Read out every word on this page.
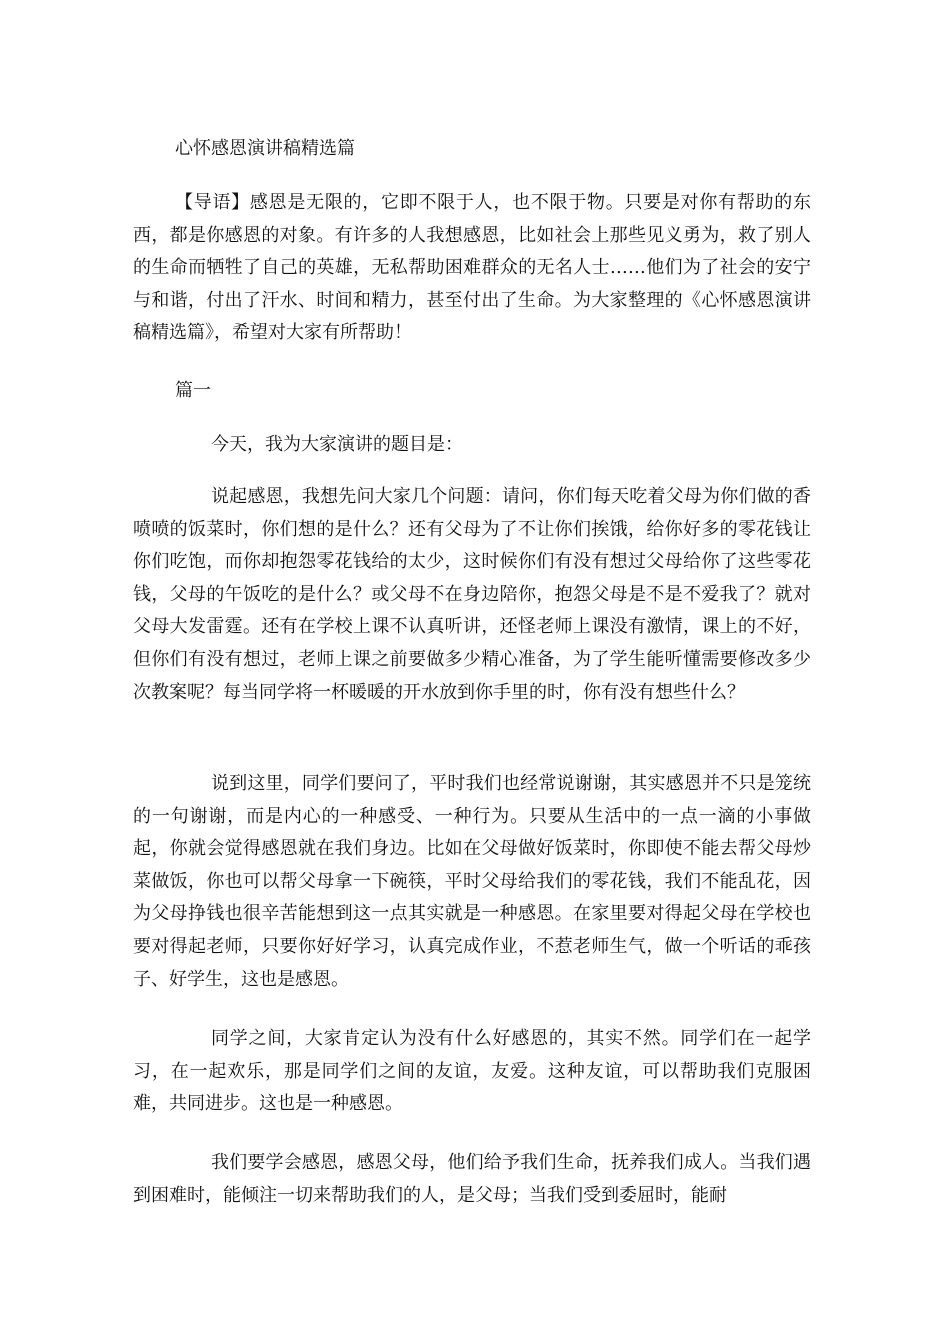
心怀感恩演讲稿精选篇

【导语】感恩是无限的，它即不限于人，也不限于物。只要是对你有帮助的东西，都是你感恩的对象。有许多的人我想感恩，比如社会上那些见义勇为，救了别人的生命而牺牲了自己的英雄，无私帮助困难群众的无名人士……他们为了社会的安宁与和谐，付出了汗水、时间和精力，甚至付出了生命。为大家整理的《心怀感恩演讲稿精选篇》，希望对大家有所帮助！

篇一
今天，我为大家演讲的题目是：

说起感恩，我想先问大家几个问题：请问，你们每天吃着父母为你们做的香喷喷的饭菜时，你们想的是什么？还有父母为了不让你们挨饿，给你好多的零花钱让你们吃饱，而你却抱怨零花钱给的太少，这时候你们有没有想过父母给你了这些零花钱，父母的午饭吃的是什么？或父母不在身边陪你，抱怨父母是不是不爱我了？就对父母大发雷霆。还有在学校上课不认真听讲，还怪老师上课没有激情，课上的不好，但你们有没有想过，老师上课之前要做多少精心准备，为了学生能听懂需要修改多少次教案呢？每当同学将一杯暖暖的开水放到你手里的时，你有没有想些什么？

说到这里，同学们要问了，平时我们也经常说谢谢，其实感恩并不只是笼统的一句谢谢，而是内心的一种感受、一种行为。只要从生活中的一点一滴的小事做起，你就会觉得感恩就在我们身边。比如在父母做好饭菜时，你即使不能去帮父母炒菜做饭，你也可以帮父母拿一下碗筷，平时父母给我们的零花钱，我们不能乱花，因为父母挣钱也很辛苦能想到这一点其实就是一种感恩。在家里要对得起父母在学校也要对得起老师，只要你好好学习，认真完成作业，不惹老师生气，做一个听话的乖孩子、好学生，这也是感恩。

同学之间，大家肯定认为没有什么好感恩的，其实不然。同学们在一起学习，在一起欢乐，那是同学们之间的友谊，友爱。这种友谊，可以帮助我们克服困难，共同进步。这也是一种感恩。

我们要学会感恩，感恩父母，他们给予我们生命，抚养我们成人。当我们遇到困难时，能倾注一切来帮助我们的人，是父母；当我们受到委屈时，能耐
